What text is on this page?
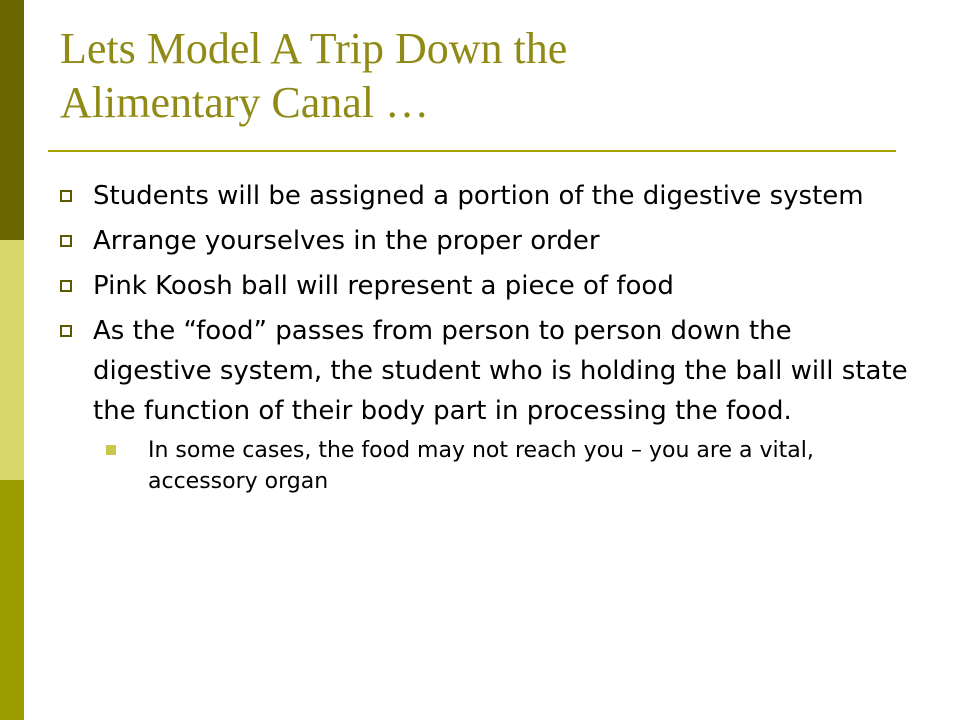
Lets Model A Trip Down the
Alimentary Canal …
Students will be assigned a portion of the digestive system
Arrange yourselves in the proper order
Pink Koosh ball will represent a piece of food
As the “food” passes from person to person down the digestive system, the student who is holding the ball will state the function of their body part in processing the food.
In some cases, the food may not reach you – you are a vital, accessory organ
